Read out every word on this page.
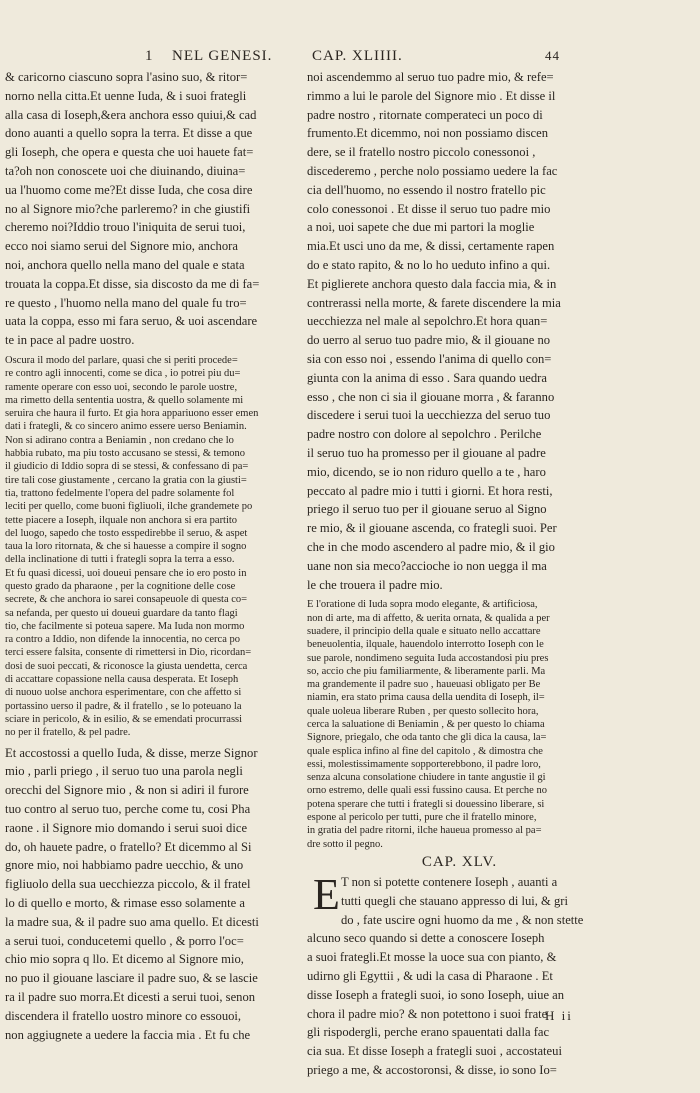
1 NEL GENESI.	CAP. XLIIII.	44
& caricorno ciascuno sopra l'asino suo, & ritor=
norno nella citta.Et uenne Iuda, & i suoi frategli
alla casa di Ioseph,&era anchora esso quiui,& cad
dono auanti a quello sopra la terra. Et disse a que
gli Ioseph, che opera e questa che uoi hauete fat=
ta?oh non conoscete uoi che diuinando, diuina=
ua l'huomo come me?Et disse Iuda, che cosa dire
no al Signore mio?che parleremo? in che giustifi
cheremo noi?Iddio trouo l'iniquita de serui tuoi,
ecco noi siamo serui del Signore mio, anchora
noi, anchora quello nella mano del quale e stata
trouata la coppa.Et disse, sia discosto da me di fa=
re questo , l'huomo nella mano del quale fu tro=
uata la coppa, esso mi fara seruo, & uoi ascendare
te in pace al padre uostro.
Oscura il modo del parlare, quasi che si periti procede=
re contro agli innocenti, come se dica , io potrei piu du=
ramente operare con esso uoi, secondo le parole uostre,
ma rimetto della sententia uostra, & quello solamente mi
seruira che haura il furto. Et gia hora appariuono esser emen
dati i frategli, & co sincero animo essere uerso Beniamin.
Non si adirano contra a Beniamin , non credano che lo
habbia rubato, ma piu tosto accusano se stessi, & temono
il giudicio di Iddio sopra di se stessi, & confessano di pa=
tire tali cose giustamente , cercano la gratia con la giusti=
tia, trattono fedelmente l'opera del padre solamente fol
leciti per quello, come buoni figliuoli, ilche grandemete po
tette piacere a Ioseph, ilquale non anchora si era partito
del luogo, sapedo che tosto esspedirebbe il seruo, & aspet
taua la loro ritornata, & che si hauesse a compire il sogno
della inclinatione di tutti i frategli sopra la terra a esso.
Et fu quasi dicessi, uoi doueui pensare che io ero posto in
questo grado da pharaone , per la cognitione delle cose
secrete, & che anchora io sarei consapeuole di questa co=
sa nefanda, per questo ui doueui guardare da tanto flagi
tio, che facilmente si poteua sapere. Ma Iuda non mormo
ra contro a Iddio, non difende la innocentia, no cerca po
terci essere falsita, consente di rimettersi in Dio, ricordan=
dosi de suoi peccati, & riconosce la giusta uendetta, cerca
di accattare copassione nella causa desperata. Et Ioseph
di nuouo uolse anchora esperimentare, con che affetto si
portassino uerso il padre, & il fratello , se lo poteuano la
sciare in pericolo, & in esilio, & se emendati procurrassi
no per il fratello, & pel padre.
Et accostossi a quello Iuda, & disse, merze Signor
mio , parli priego , il seruo tuo una parola negli
orecchi del Signore mio , & non si adiri il furore
tuo contro al seruo tuo, perche come tu, cosi Pha
raone . il Signore mio domando i serui suoi dice
do, oh hauete padre, o fratello? Et dicemmo al Si
gnore mio, noi habbiamo padre uecchio, & uno
figliuolo della sua uecchiezza piccolo, & il fratel
lo di quello e morto, & rimase esso solamente a
la madre sua, & il padre suo ama quello. Et dicesti
a serui tuoi, conducetemi quello , & porro l'oc=
chio mio sopra q llo. Et dicemo al Signore mio,
no puo il giouane lasciare il padre suo, & se lascie
ra il padre suo morra.Et dicesti a serui tuoi, senon
discendera il fratello uostro minore co essouoi,
non aggiugnete a uedere la faccia mia . Et fu che
noi ascendemmo al seruo tuo padre mio, & refe=
rimmo a lui le parole del Signore mio . Et disse il
padre nostro , ritornate comperateci un poco di
frumento.Et dicemmo, noi non possiamo discen
dere, se il fratello nostro piccolo conessonoi ,
discederemo , perche nolo possiamo uedere la fac
cia dell'huomo, no essendo il nostro fratello pic
colo conessonoi . Et disse il seruo tuo padre mio
a noi, uoi sapete che due mi partori la moglie
mia.Et usci uno da me, & dissi, certamente rapen
do e stato rapito, & no lo ho ueduto infino a qui.
Et piglierete anchora questo dala faccia mia, & in
contrerassi nella morte, & farete discendere la mia
uecchiezza nel male al sepolchro.Et hora quan=
do uerro al seruo tuo padre mio, & il giouane no
sia con esso noi , essendo l'anima di quello con=
giunta con la anima di esso . Sara quando uedra
esso , che non ci sia il giouane morra , & faranno
discedere i serui tuoi la uecchiezza del seruo tuo
padre nostro con dolore al sepolchro . Perilche
il seruo tuo ha promesso per il giouane al padre
mio, dicendo, se io non riduro quello a te , haro
peccato al padre mio i tutti i giorni. Et hora resti,
priego il seruo tuo per il giouane seruo al Signo
re mio, & il giouane ascenda, co frategli suoi. Per
che in che modo ascendero al padre mio, & il gio
uane non sia meco?accioche io non uegga il ma
le che trouera il padre mio.
E l'oratione di Iuda sopra modo elegante, & artificiosa,
non di arte, ma di affetto, & uerita ornata, & qualida a per
suadere, il principio della quale e situato nello accattare
beneuolentia, ilquale, hauendolo interrotto Ioseph con le
sue parole, nondimeno seguita Iuda accostandosi piu pres
so, accio che piu familiarmente, & liberamente parli. Ma
ma grandemente il padre suo , haueuasi obligato per Be
niamin, era stato prima causa della uendita di Ioseph, il=
quale uoleua liberare Ruben , per questo sollecito hora,
cerca la saluatione di Beniamin , & per questo lo chiama
Signore, priegalo, che oda tanto che gli dica la causa, la=
quale esplica infino al fine del capitolo , & dimostra che
essi, molestissimamente sopporterebbono, il padre loro,
senza alcuna consolatione chiudere in tante angustie il gi
orno estremo, delle quali essi fussino causa. Et perche no
potena sperare che tutti i frategli si douessino liberare, si
espone al pericolo per tutti, pure che il fratello minore,
in gratia del padre ritorni, ilche haueua promesso al pa=
dre sotto il pegno.
CAP. XLV.
E T non si potette contenere Ioseph , auanti a
tutti quegli che stauano appresso di lui, & gri
do , fate uscire ogni huomo da me , & non stette
alcuno seco quando si dette a conoscere Ioseph
a suoi frategli.Et mosse la uoce sua con pianto, &
udirno gli Egyttii , & udi la casa di Pharaone . Et
disse Ioseph a frategli suoi, io sono Ioseph, uiue an
chora il padre mio? & non potettono i suoi frate
gli rispodergli, perche erano spauentati dalla fac
cia sua. Et disse Ioseph a frategli suoi , accostateui
priego a me, & accostoronsi, & disse, io sono Io=
H ii
